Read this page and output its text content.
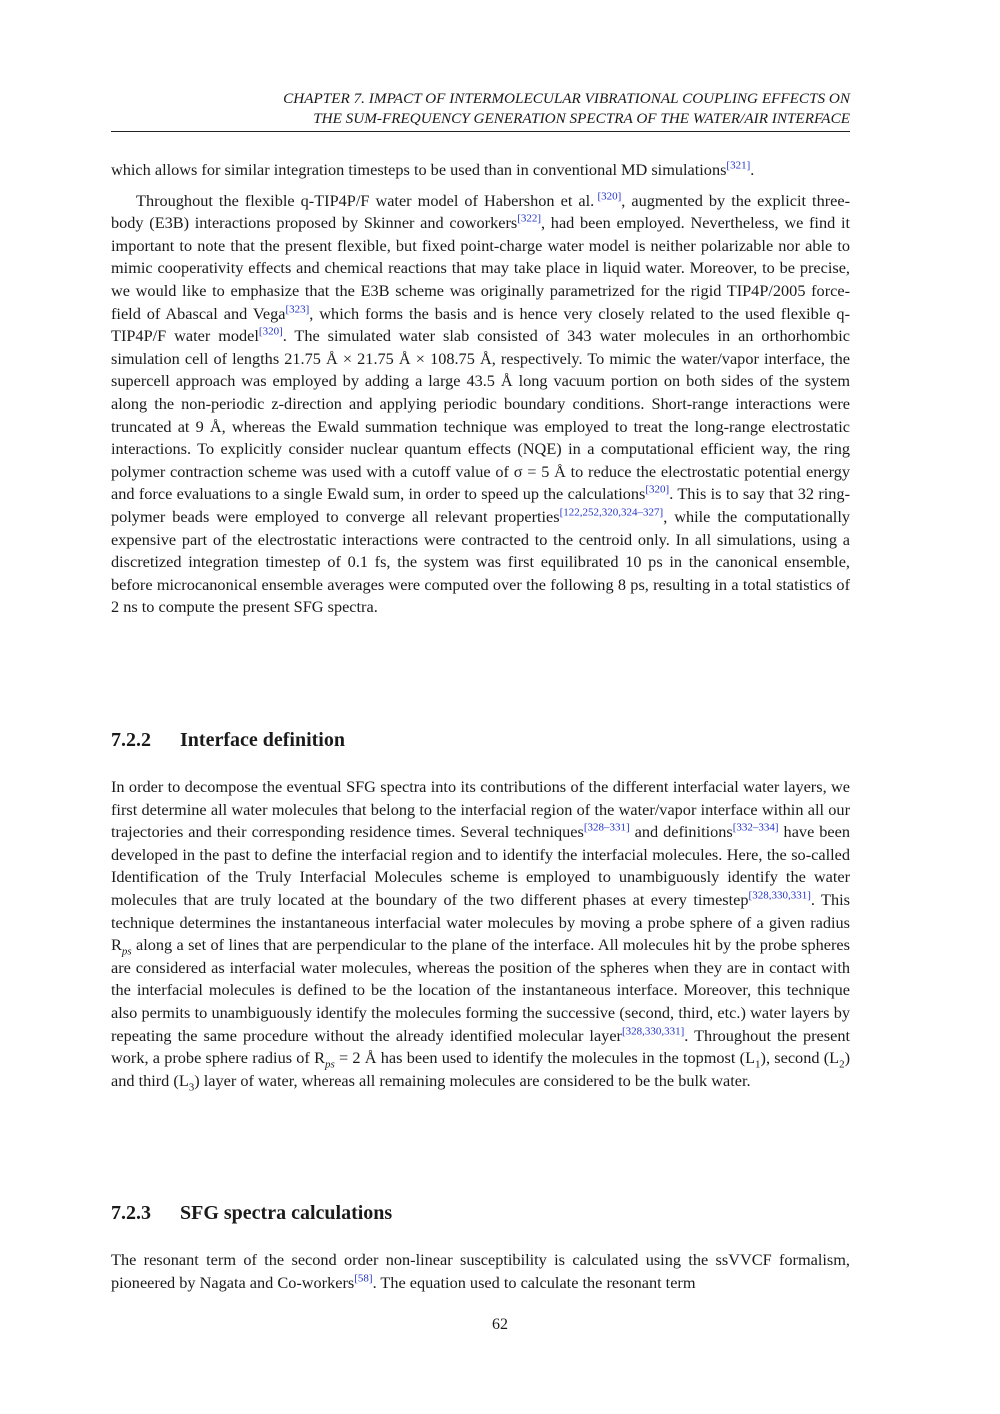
CHAPTER 7. IMPACT OF INTERMOLECULAR VIBRATIONAL COUPLING EFFECTS ON
THE SUM-FREQUENCY GENERATION SPECTRA OF THE WATER/AIR INTERFACE

which allows for similar integration timesteps to be used than in conventional MD simulations[321].

Throughout the flexible q-TIP4P/F water model of Habershon et al. [320], augmented by the explicit three-body (E3B) interactions proposed by Skinner and coworkers[322], had been employed. Nevertheless, we find it important to note that the present flexible, but fixed point-charge water model is neither polarizable nor able to mimic cooperativity effects and chemical reactions that may take place in liquid water. Moreover, to be precise, we would like to emphasize that the E3B scheme was originally parametrized for the rigid TIP4P/2005 force-field of Abascal and Vega[323], which forms the basis and is hence very closely related to the used flexible q-TIP4P/F water model[320]. The simulated water slab consisted of 343 water molecules in an orthorhombic simulation cell of lengths 21.75 Å × 21.75 Å × 108.75 Å, respectively. To mimic the water/vapor interface, the supercell approach was employed by adding a large 43.5 Å long vacuum portion on both sides of the system along the non-periodic z-direction and applying periodic boundary conditions. Short-range interactions were truncated at 9 Å, whereas the Ewald summation technique was employed to treat the long-range electrostatic interactions. To explicitly consider nuclear quantum effects (NQE) in a computational efficient way, the ring polymer contraction scheme was used with a cutoff value of σ = 5 Å to reduce the electrostatic potential energy and force evaluations to a single Ewald sum, in order to speed up the calculations[320]. This is to say that 32 ring-polymer beads were employed to converge all relevant properties[122,252,320,324–327], while the computationally expensive part of the electrostatic interactions were contracted to the centroid only. In all simulations, using a discretized integration timestep of 0.1 fs, the system was first equilibrated 10 ps in the canonical ensemble, before microcanonical ensemble averages were computed over the following 8 ps, resulting in a total statistics of 2 ns to compute the present SFG spectra.

7.2.2 Interface definition

In order to decompose the eventual SFG spectra into its contributions of the different interfacial water layers, we first determine all water molecules that belong to the interfacial region of the water/vapor interface within all our trajectories and their corresponding residence times. Several techniques[328–331] and definitions[332–334] have been developed in the past to define the interfacial region and to identify the interfacial molecules. Here, the so-called Identification of the Truly Interfacial Molecules scheme is employed to unambiguously identify the water molecules that are truly located at the boundary of the two different phases at every timestep[328,330,331]. This technique determines the instantaneous interfacial water molecules by moving a probe sphere of a given radius $R_{ps}$ along a set of lines that are perpendicular to the plane of the interface. All molecules hit by the probe spheres are considered as interfacial water molecules, whereas the position of the spheres when they are in contact with the interfacial molecules is defined to be the location of the instantaneous interface. Moreover, this technique also permits to unambiguously identify the molecules forming the successive (second, third, etc.) water layers by repeating the same procedure without the already identified molecular layer[328,330,331]. Throughout the present work, a probe sphere radius of $R_{ps} = 2$ Å has been used to identify the molecules in the topmost $(L_1)$, second $(L_2)$ and third $(L_3)$ layer of water, whereas all remaining molecules are considered to be the bulk water.

7.2.3 SFG spectra calculations

The resonant term of the second order non-linear susceptibility is calculated using the ssVVCF formalism, pioneered by Nagata and Co-workers[58]. The equation used to calculate the resonant term

62
